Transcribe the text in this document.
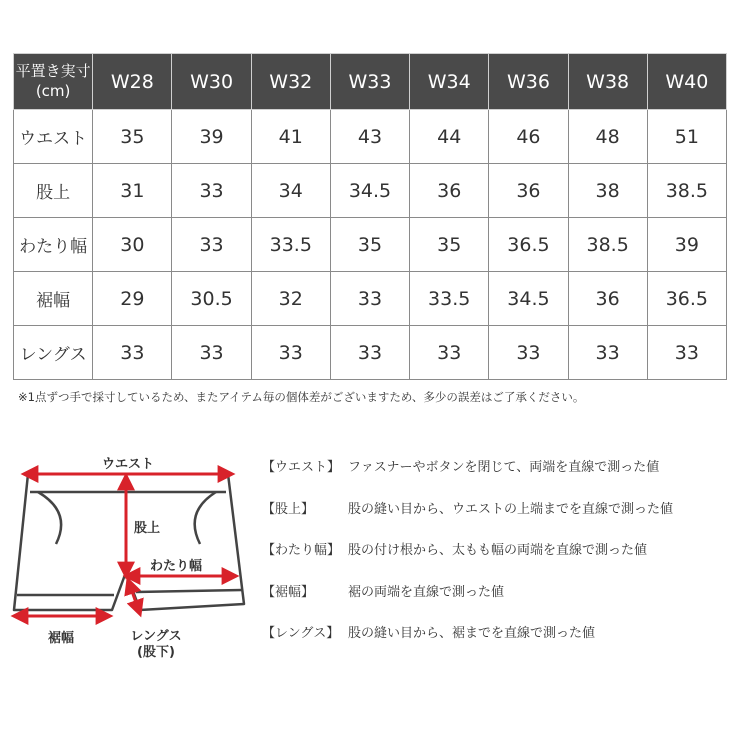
平置き実寸
(cm)	W28	W30	W32	W33	W34	W36	W38	W40
ウエスト	35	39	41	43	44	46	48	51
股上	31	33	34	34.5	36	36	38	38.5
わたり幅	30	33	33.5	35	35	36.5	38.5	39
裾幅	29	30.5	32	33	33.5	34.5	36	36.5
レングス	33	33	33	33	33	33	33	33
※1点ずつ手で採寸しているため、またアイテム毎の個体差がございますため、多少の誤差はご了承ください。
ウエスト
股上
わたり幅
裾幅	レングス
(股下)
【ウエスト】 ファスナーやボタンを閉じて、両端を直線で測った値
【股上】	股の縫い目から、ウエストの上端までを直線で測った値
【わたり幅】 股の付け根から、太もも幅の両端を直線で測った値
【裾幅】	裾の両端を直線で測った値
【レングス】 股の縫い目から、裾までを直線で測った値
